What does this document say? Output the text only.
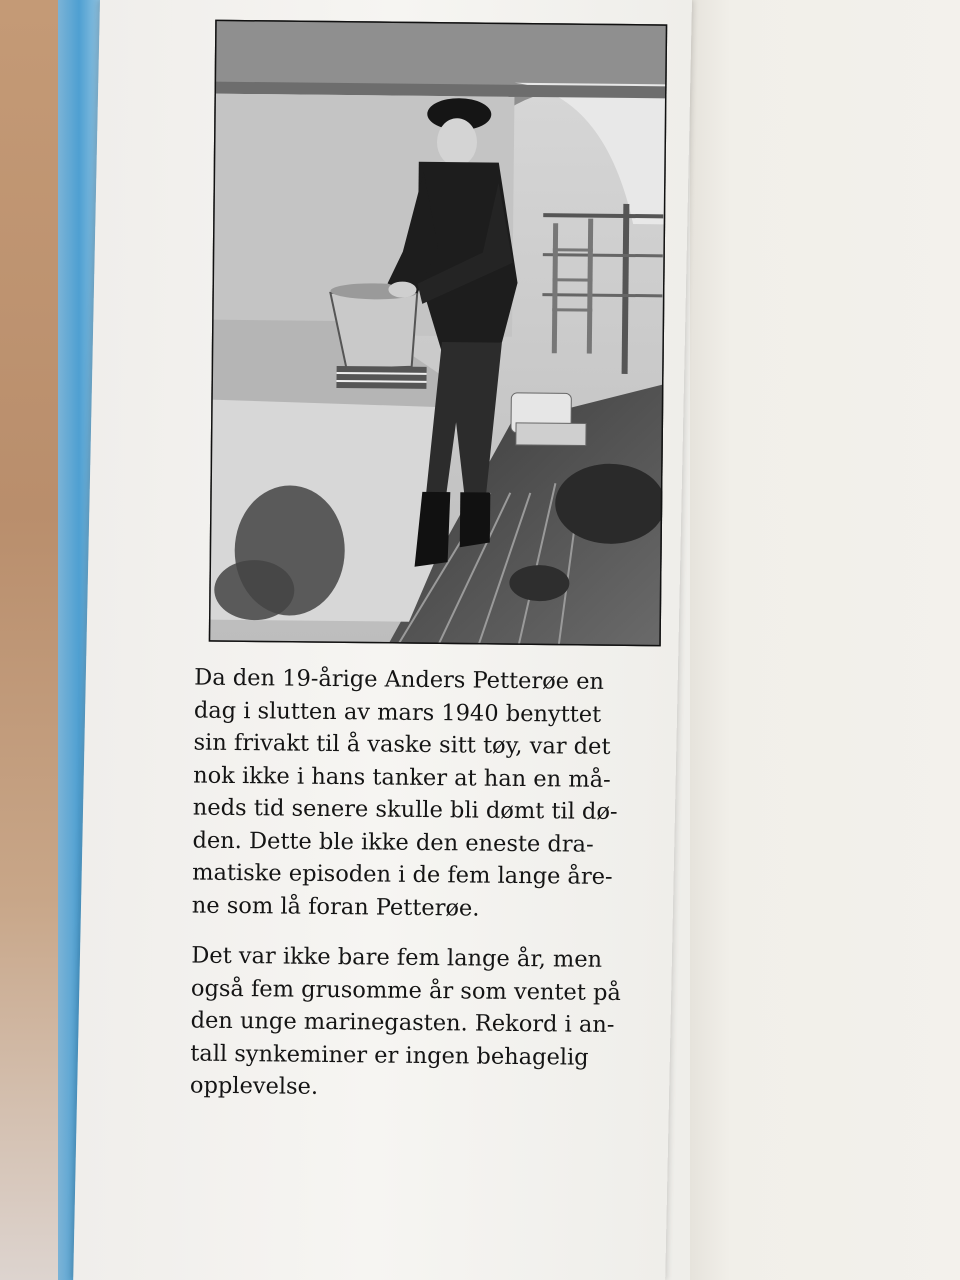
Da den 19-årige Anders Petterøe en
dag i slutten av mars 1940 benyttet
sin frivakt til å vaske sitt tøy, var det
nok ikke i hans tanker at han en må-
neds tid senere skulle bli dømt til dø-
den. Dette ble ikke den eneste dra-
matiske episoden i de fem lange åre-
ne som lå foran Petterøe.

Det var ikke bare fem lange år, men
også fem grusomme år som ventet på
den unge marinegasten. Rekord i an-
tall synkeminer er ingen behagelig
opplevelse.
